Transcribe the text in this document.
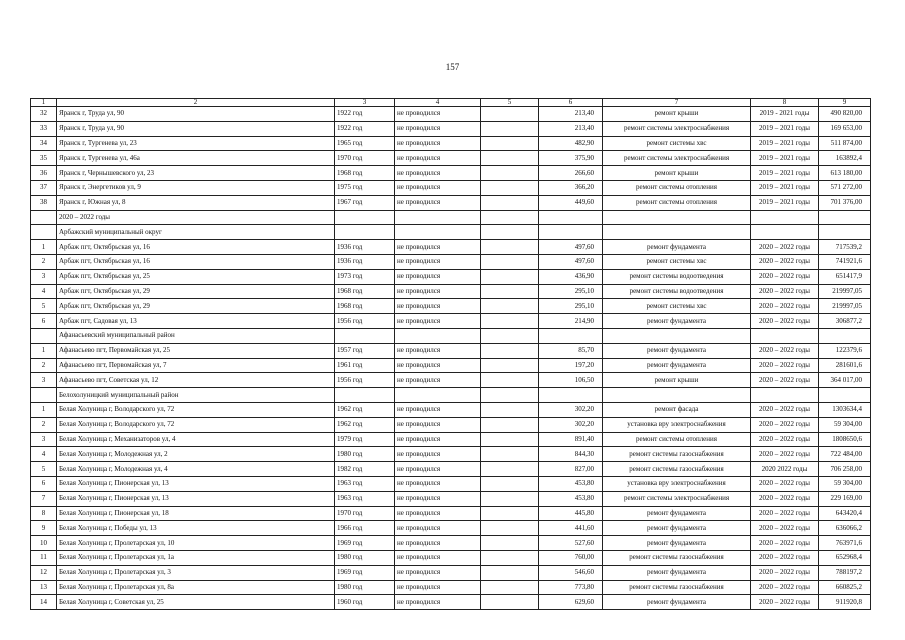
157
1	2	3	4	5	6	7	8	9
32	Яранск г, Труда ул, 90	1922 год	не проводился		213,40	ремонт крыши	2019 - 2021 годы	490 820,00
33	Яранск г, Труда ул, 90	1922 год	не проводился		213,40	ремонт системы электроснабжения	2019 – 2021 годы	169 653,00
34	Яранск г, Тургенева ул, 23	1965 год	не проводился		482,90	ремонт системы хвс	2019 – 2021 годы	511 874,00
35	Яранск г, Тургенева ул, 46а	1970 год	не проводился		375,90	ремонт системы электроснабжения	2019 – 2021 годы	163892,4
36	Яранск г, Чернышевского ул, 23	1968 год	не проводился		266,60	ремонт крыши	2019 – 2021 годы	613 180,00
37	Яранск г, Энергетиков ул, 9	1975 год	не проводился		366,20	ремонт системы отопления	2019 – 2021 годы	571 272,00
38	Яранск г, Южная ул, 8	1967 год	не проводился		449,60	ремонт системы отопления	2019 – 2021 годы	701 376,00
	2020 – 2022 годы							
	Арбажский муниципальный округ							
1	Арбаж пгт, Октябрьская ул, 16	1936 год	не проводился		497,60	ремонт фундамента	2020 – 2022 годы	717539,2
2	Арбаж пгт, Октябрьская ул, 16	1936 год	не проводился		497,60	ремонт системы хвс	2020 – 2022 годы	741921,6
3	Арбаж пгт, Октябрьская ул, 25	1973 год	не проводился		436,90	ремонт системы водоотведения	2020 – 2022 годы	651417,9
4	Арбаж пгт, Октябрьская ул, 29	1968 год	не проводился		295,10	ремонт системы водоотведения	2020 – 2022 годы	219997,05
5	Арбаж пгт, Октябрьская ул, 29	1968 год	не проводился		295,10	ремонт системы хвс	2020 – 2022 годы	219997,05
6	Арбаж пгт, Садовая ул, 13	1956 год	не проводился		214,90	ремонт фундамента	2020 – 2022 годы	306877,2
	Афанасьевский муниципальный район							
1	Афанасьево пгт, Первомайская ул, 25	1957 год	не проводился		85,70	ремонт фундамента	2020 – 2022 годы	122379,6
2	Афанасьево пгт, Первомайская ул, 7	1961 год	не проводился		197,20	ремонт фундамента	2020 – 2022 годы	281601,6
3	Афанасьево пгт, Советская ул, 12	1956 год	не проводился		106,50	ремонт крыши	2020 – 2022 годы	364 017,00
	Белохолуницкий муниципальный район							
1	Белая Холуница г, Володарского ул, 72	1962 год	не проводился		302,20	ремонт фасада	2020 – 2022 годы	1303634,4
2	Белая Холуница г, Володарского ул, 72	1962 год	не проводился		302,20	установка вру электроснабжения	2020 – 2022 годы	59 304,00
3	Белая Холуница г, Механизаторов ул, 4	1979 год	не проводился		891,40	ремонт системы отопления	2020 – 2022 годы	1808650,6
4	Белая Холуница г, Молодежная ул, 2	1980 год	не проводился		844,30	ремонт системы газоснабжения	2020 – 2022 годы	722 484,00
5	Белая Холуница г, Молодежная ул, 4	1982 год	не проводился		827,00	ремонт системы газоснабжения	2020 2022 годы	706 258,00
6	Белая Холуница г, Пионерская ул, 13	1963 год	не проводился		453,80	установка вру электроснабжения	2020 – 2022 годы	59 304,00
7	Белая Холуница г, Пионерская ул, 13	1963 год	не проводился		453,80	ремонт системы электроснабжения	2020 – 2022 годы	229 169,00
8	Белая Холуница г, Пионерская ул, 18	1970 год	не проводился		445,80	ремонт фундамента	2020 – 2022 годы	643420,4
9	Белая Холуница г, Победы ул, 13	1966 год	не проводился		441,60	ремонт фундамента	2020 – 2022 годы	636066,2
10	Белая Холуница г, Пролетарская ул, 10	1969 год	не проводился		527,60	ремонт фундамента	2020 – 2022 годы	763971,6
11	Белая Холуница г, Пролетарская ул, 1а	1980 год	не проводился		760,00	ремонт системы газоснабжения	2020 – 2022 годы	652968,4
12	Белая Холуница г, Пролетарская ул, 3	1969 год	не проводился		546,60	ремонт фундамента	2020 – 2022 годы	788197,2
13	Белая Холуница г, Пролетарская ул, 8а	1980 год	не проводился		773,80	ремонт системы газоснабжения	2020 – 2022 годы	660825,2
14	Белая Холуница г, Советская ул, 25	1960 год	не проводился		629,60	ремонт фундамента	2020 – 2022 годы	911920,8
